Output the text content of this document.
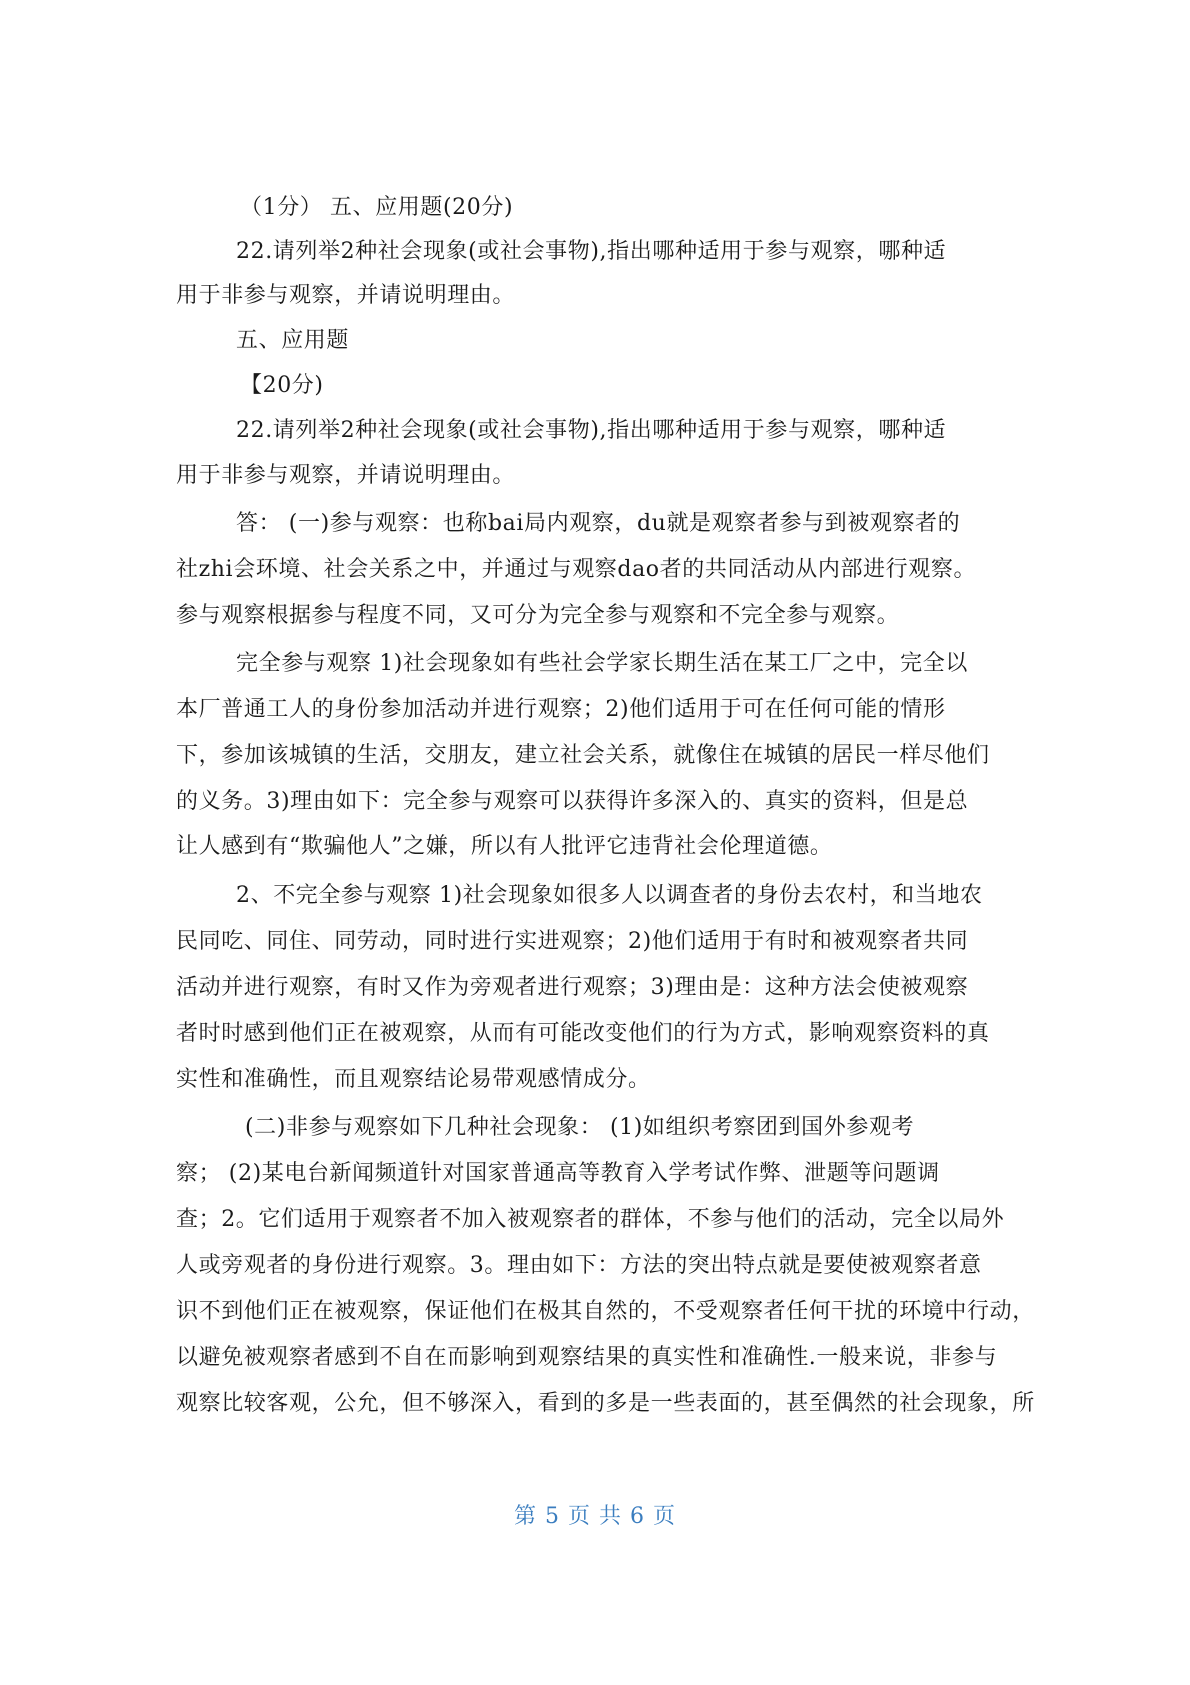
（1分） 五、应用题(20分)
22.请列举2种社会现象(或社会事物),指出哪种适用于参与观察，哪种适
用于非参与观察，并请说明理由。
五、应用题
【20分)
22.请列举2种社会现象(或社会事物),指出哪种适用于参与观察，哪种适
用于非参与观察，并请说明理由。
答： (一)参与观察：也称bai局内观察，du就是观察者参与到被观察者的
社zhi会环境、社会关系之中，并通过与观察dao者的共同活动从内部进行观察。
参与观察根据参与程度不同，又可分为完全参与观察和不完全参与观察。
完全参与观察 1)社会现象如有些社会学家长期生活在某工厂之中，完全以
本厂普通工人的身份参加活动并进行观察；2)他们适用于可在任何可能的情形
下，参加该城镇的生活，交朋友，建立社会关系，就像住在城镇的居民一样尽他们
的义务。3)理由如下：完全参与观察可以获得许多深入的、真实的资料，但是总
让人感到有“欺骗他人”之嫌，所以有人批评它违背社会伦理道德。
2、不完全参与观察 1)社会现象如很多人以调查者的身份去农村，和当地农
民同吃、同住、同劳动，同时进行实进观察；2)他们适用于有时和被观察者共同
活动并进行观察，有时又作为旁观者进行观察；3)理由是：这种方法会使被观察
者时时感到他们正在被观察，从而有可能改变他们的行为方式，影响观察资料的真
实性和准确性，而且观察结论易带观感情成分。
(二)非参与观察如下几种社会现象： (1)如组织考察团到国外参观考
察； (2)某电台新闻频道针对国家普通高等教育入学考试作弊、泄题等问题调
查；2。它们适用于观察者不加入被观察者的群体，不参与他们的活动，完全以局外
人或旁观者的身份进行观察。3。理由如下：方法的突出特点就是要使被观察者意
识不到他们正在被观察，保证他们在极其自然的，不受观察者任何干扰的环境中行动，
以避免被观察者感到不自在而影响到观察结果的真实性和准确性.一般来说，非参与
观察比较客观，公允，但不够深入，看到的多是一些表面的，甚至偶然的社会现象，所
第 5 页 共 6 页
